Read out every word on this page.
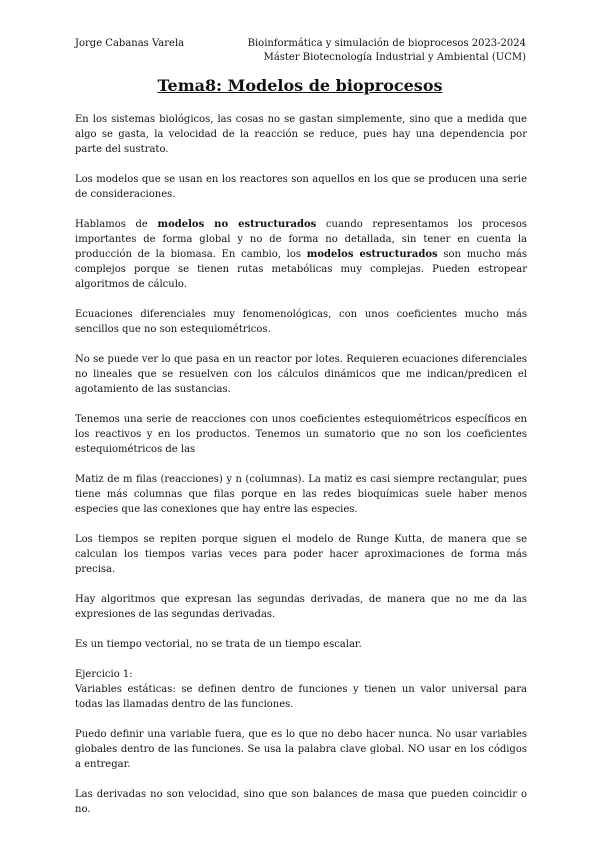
Jorge Cabanas Varela	Bioinformática y simulación de bioprocesos 2023-2024
Máster Biotecnología Industrial y Ambiental (UCM)
Tema8: Modelos de bioprocesos

En los sistemas biológicos, las cosas no se gastan simplemente, sino que a medida que algo se gasta, la velocidad de la reacción se reduce, pues hay una dependencia por parte del sustrato.

Los modelos que se usan en los reactores son aquellos en los que se producen una serie de consideraciones.

Hablamos de modelos no estructurados cuando representamos los procesos importantes de forma global y no de forma no detallada, sin tener en cuenta la producción de la biomasa. En cambio, los modelos estructurados son mucho más complejos porque se tienen rutas metabólicas muy complejas. Pueden estropear algoritmos de cálculo.

Ecuaciones diferenciales muy fenomenológicas, con unos coeficientes mucho más sencillos que no son estequiométricos.

No se puede ver lo que pasa en un reactor por lotes. Requieren ecuaciones diferenciales no lineales que se resuelven con los cálculos dinámicos que me indican/predicen el agotamiento de las sustancias.

Tenemos una serie de reacciones con unos coeficientes estequiométricos específicos en los reactivos y en los productos. Tenemos un sumatorio que no son los coeficientes estequiométricos de las

Matiz de m filas (reacciones) y n (columnas). La matiz es casi siempre rectangular, pues tiene más columnas que filas porque en las redes bioquímicas suele haber menos especies que las conexiones que hay entre las especies.

Los tiempos se repiten porque siguen el modelo de Runge Kutta, de manera que se calculan los tiempos varias veces para poder hacer aproximaciones de forma más precisa.

Hay algoritmos que expresan las segundas derivadas, de manera que no me da las expresiones de las segundas derivadas.

Es un tiempo vectorial, no se trata de un tiempo escalar.

Ejercicio 1:

Variables estáticas: se definen dentro de funciones y tienen un valor universal para todas las llamadas dentro de las funciones.

Puedo definir una variable fuera, que es lo que no debo hacer nunca. No usar variables globales dentro de las funciones. Se usa la palabra clave global. NO usar en los códigos a entregar.

Las derivadas no son velocidad, sino que son balances de masa que pueden coincidir o no.
